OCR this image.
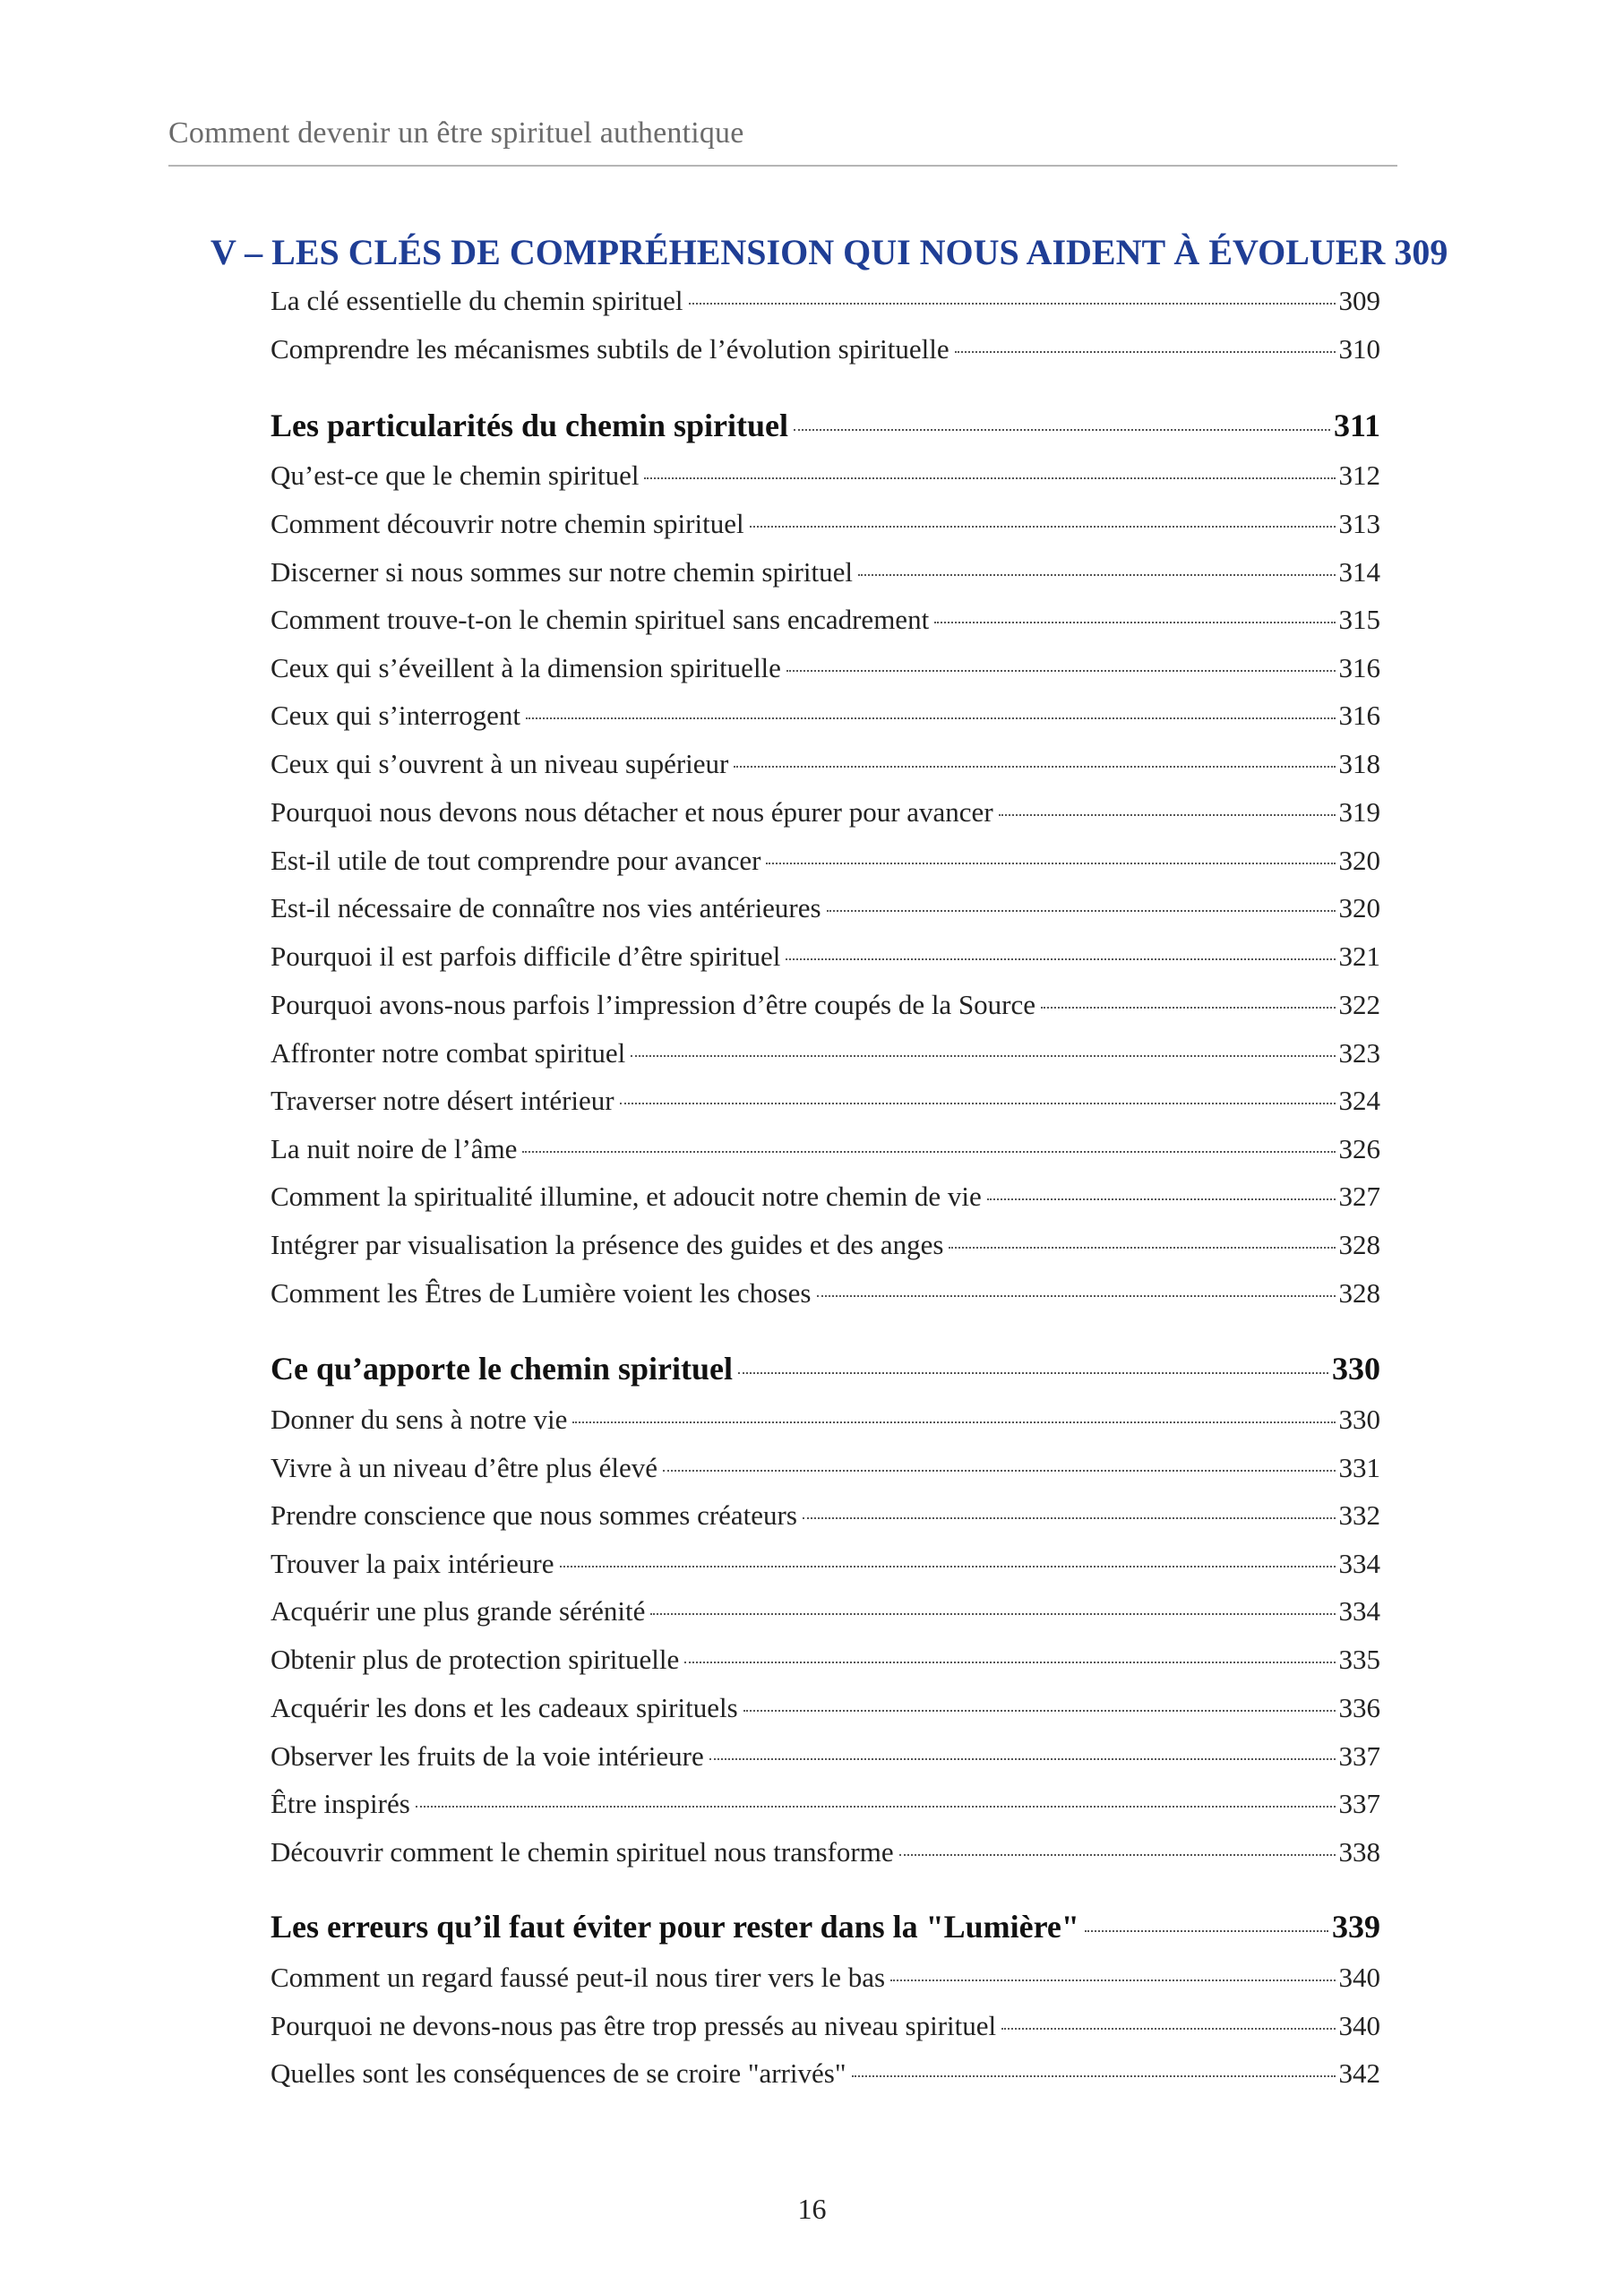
Comment devenir un être spirituel authentique
V – LES CLÉS DE COMPRÉHENSION QUI NOUS AIDENT À ÉVOLUER 309
La clé essentielle du chemin spirituel	309
Comprendre les mécanismes subtils de l’évolution spirituelle	310
Les particularités du chemin spirituel	311
Qu’est-ce que le chemin spirituel	312
Comment découvrir notre chemin spirituel	313
Discerner si nous sommes sur notre chemin spirituel	314
Comment trouve-t-on le chemin spirituel sans encadrement	315
Ceux qui s’éveillent à la dimension spirituelle	316
Ceux qui s’interrogent	316
Ceux qui s’ouvrent à un niveau supérieur	318
Pourquoi nous devons nous détacher et nous épurer pour avancer	319
Est-il utile de tout comprendre pour avancer	320
Est-il nécessaire de connaître nos vies antérieures	320
Pourquoi il est parfois difficile d’être spirituel	321
Pourquoi avons-nous parfois l’impression d’être coupés de la Source	322
Affronter notre combat spirituel	323
Traverser notre désert intérieur	324
La nuit noire de l’âme	326
Comment la spiritualité illumine, et adoucit notre chemin de vie	327
Intégrer par visualisation la présence des guides et des anges	328
Comment les Êtres de Lumière voient les choses	328
Ce qu’apporte le chemin spirituel	330
Donner du sens à notre vie	330
Vivre à un niveau d’être plus élevé	331
Prendre conscience que nous sommes créateurs	332
Trouver la paix intérieure	334
Acquérir une plus grande sérénité	334
Obtenir plus de protection spirituelle	335
Acquérir les dons et les cadeaux spirituels	336
Observer les fruits de la voie intérieure	337
Être inspirés	337
Découvrir comment le chemin spirituel nous transforme	338
Les erreurs qu’il faut éviter pour rester dans la "Lumière"	339
Comment un regard faussé peut-il nous tirer vers le bas	340
Pourquoi ne devons-nous pas être trop pressés au niveau spirituel	340
Quelles sont les conséquences de se croire "arrivés"	342
16
